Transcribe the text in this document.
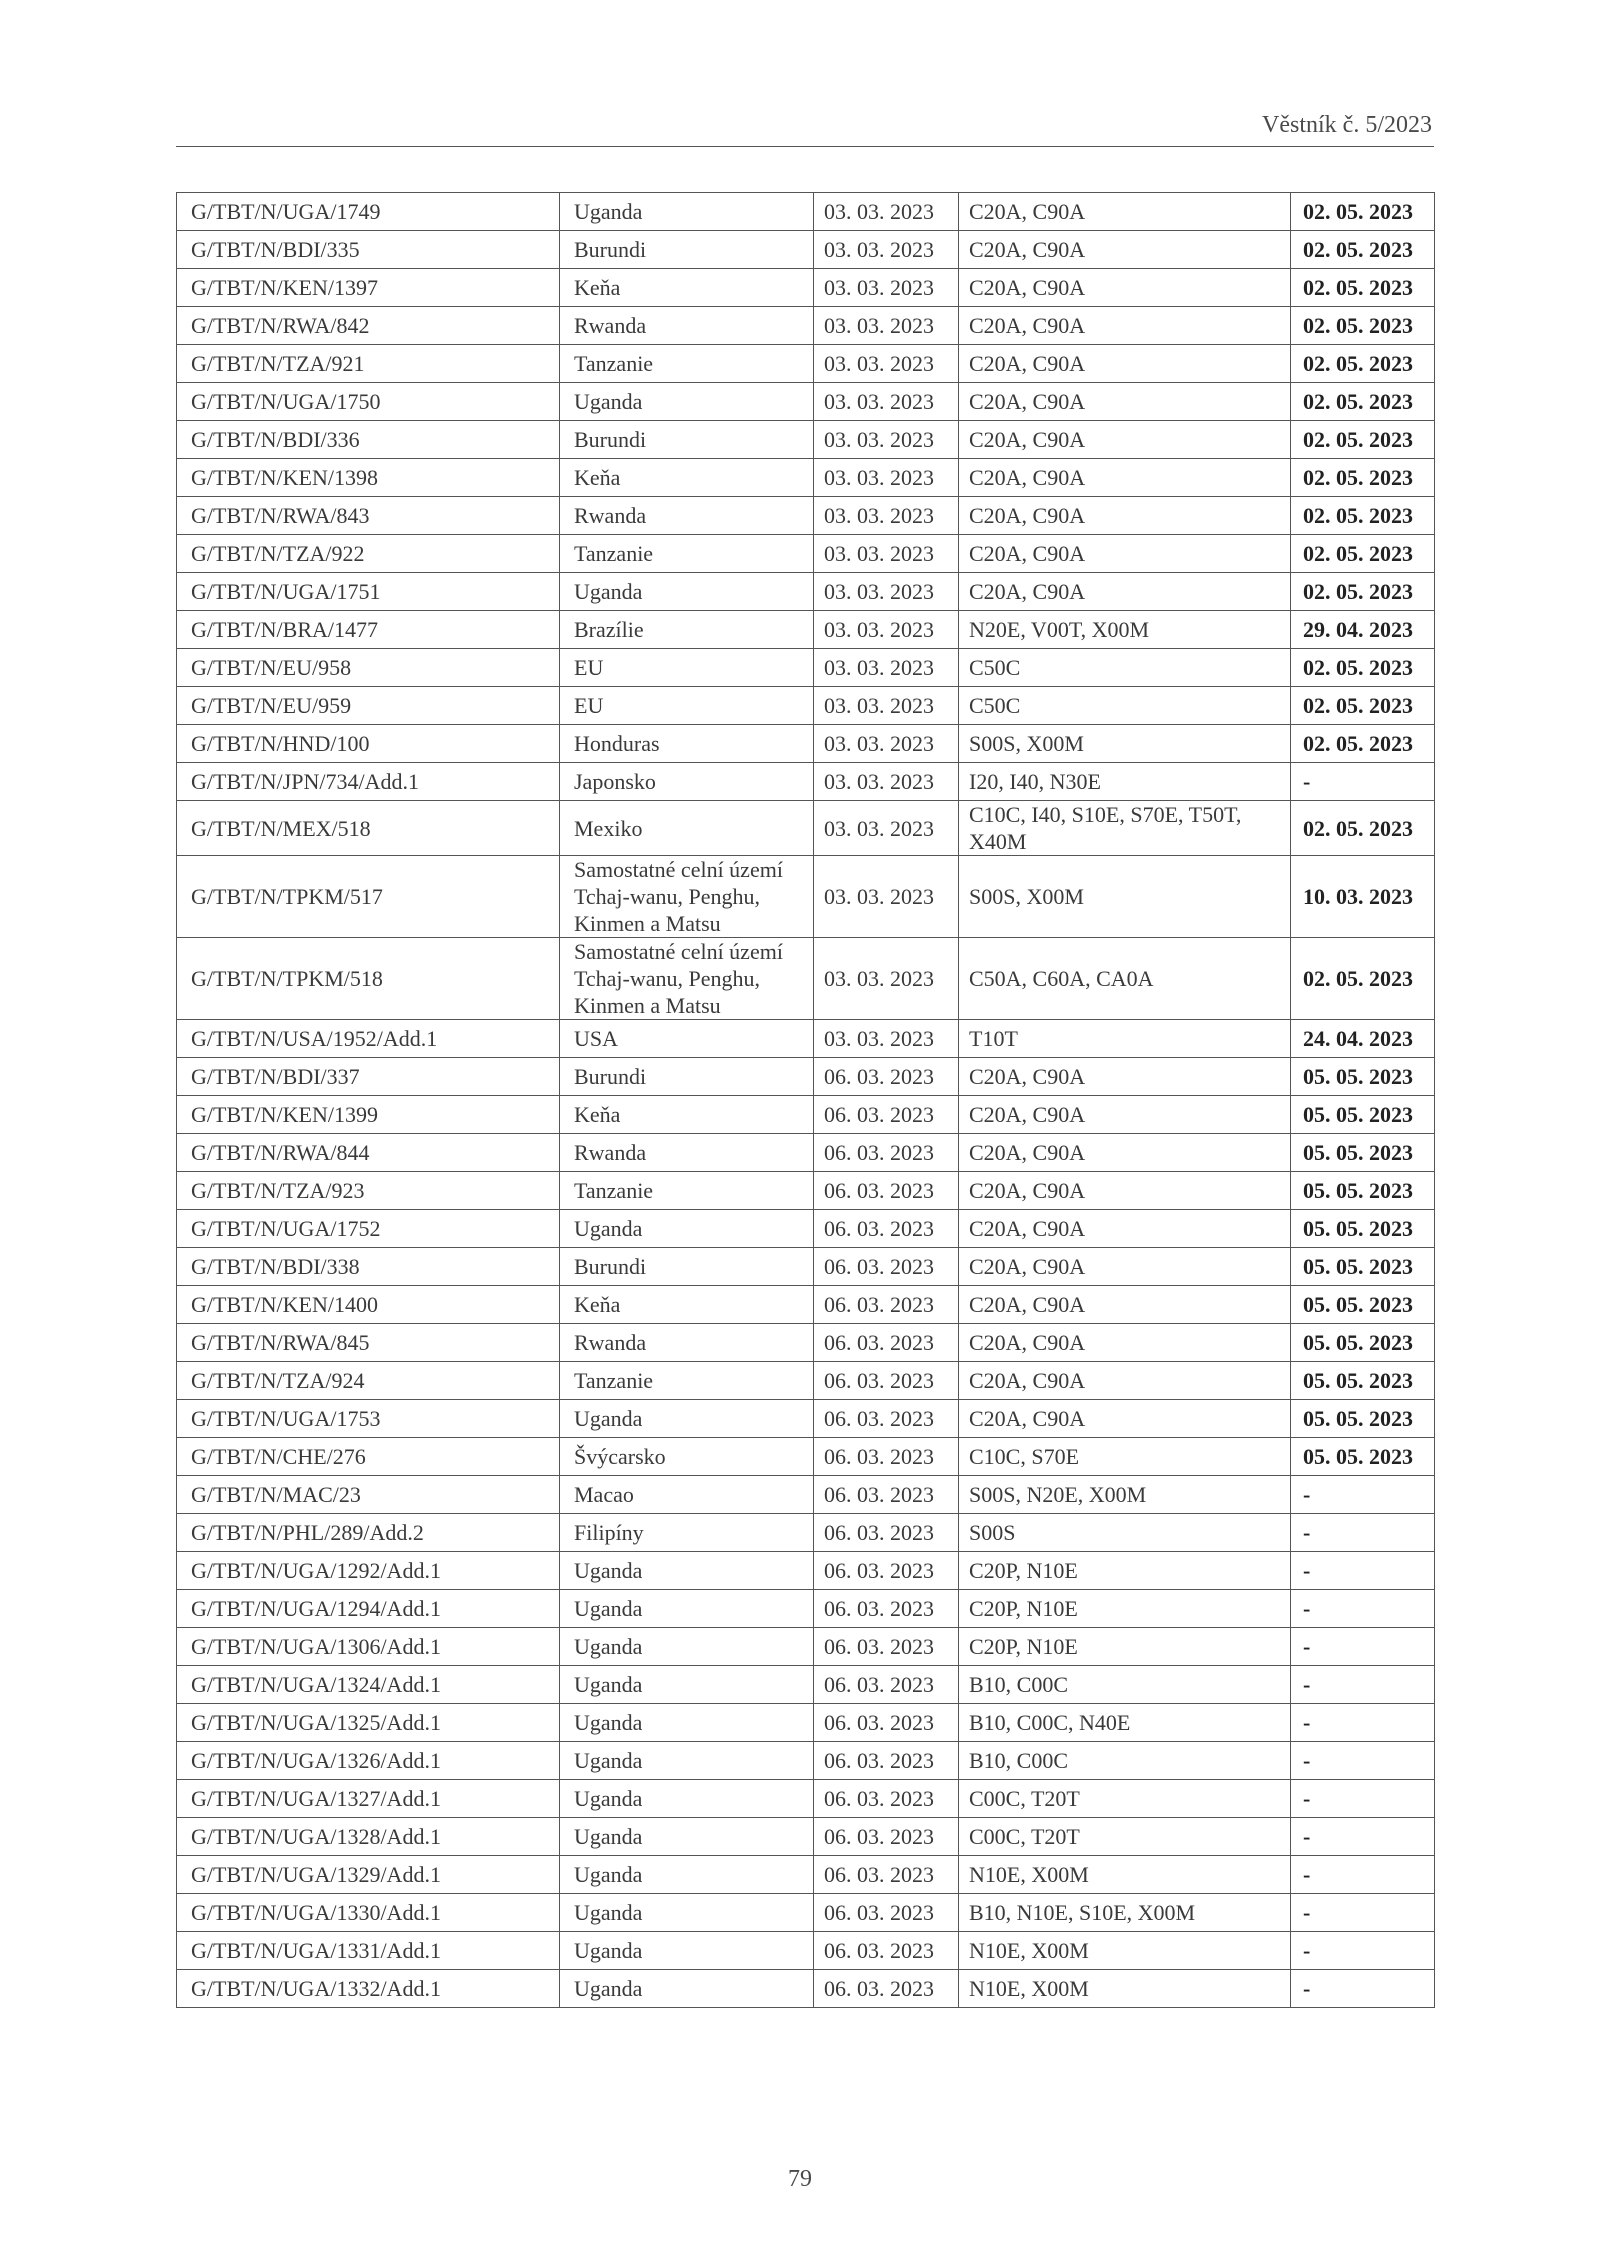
Věstník č. 5/2023
G/TBT/N/UGA/1749	Uganda	03. 03. 2023	C20A, C90A	02. 05. 2023
G/TBT/N/BDI/335	Burundi	03. 03. 2023	C20A, C90A	02. 05. 2023
G/TBT/N/KEN/1397	Keňa	03. 03. 2023	C20A, C90A	02. 05. 2023
G/TBT/N/RWA/842	Rwanda	03. 03. 2023	C20A, C90A	02. 05. 2023
G/TBT/N/TZA/921	Tanzanie	03. 03. 2023	C20A, C90A	02. 05. 2023
G/TBT/N/UGA/1750	Uganda	03. 03. 2023	C20A, C90A	02. 05. 2023
G/TBT/N/BDI/336	Burundi	03. 03. 2023	C20A, C90A	02. 05. 2023
G/TBT/N/KEN/1398	Keňa	03. 03. 2023	C20A, C90A	02. 05. 2023
G/TBT/N/RWA/843	Rwanda	03. 03. 2023	C20A, C90A	02. 05. 2023
G/TBT/N/TZA/922	Tanzanie	03. 03. 2023	C20A, C90A	02. 05. 2023
G/TBT/N/UGA/1751	Uganda	03. 03. 2023	C20A, C90A	02. 05. 2023
G/TBT/N/BRA/1477	Brazílie	03. 03. 2023	N20E, V00T, X00M	29. 04. 2023
G/TBT/N/EU/958	EU	03. 03. 2023	C50C	02. 05. 2023
G/TBT/N/EU/959	EU	03. 03. 2023	C50C	02. 05. 2023
G/TBT/N/HND/100	Honduras	03. 03. 2023	S00S, X00M	02. 05. 2023
G/TBT/N/JPN/734/Add.1	Japonsko	03. 03. 2023	I20, I40, N30E	-
G/TBT/N/MEX/518	Mexiko	03. 03. 2023	C10C, I40, S10E, S70E, T50T, X40M	02. 05. 2023
G/TBT/N/TPKM/517	Samostatné celní území Tchaj-wanu, Penghu, Kinmen a Matsu	03. 03. 2023	S00S, X00M	10. 03. 2023
G/TBT/N/TPKM/518	Samostatné celní území Tchaj-wanu, Penghu, Kinmen a Matsu	03. 03. 2023	C50A, C60A, CA0A	02. 05. 2023
G/TBT/N/USA/1952/Add.1	USA	03. 03. 2023	T10T	24. 04. 2023
G/TBT/N/BDI/337	Burundi	06. 03. 2023	C20A, C90A	05. 05. 2023
G/TBT/N/KEN/1399	Keňa	06. 03. 2023	C20A, C90A	05. 05. 2023
G/TBT/N/RWA/844	Rwanda	06. 03. 2023	C20A, C90A	05. 05. 2023
G/TBT/N/TZA/923	Tanzanie	06. 03. 2023	C20A, C90A	05. 05. 2023
G/TBT/N/UGA/1752	Uganda	06. 03. 2023	C20A, C90A	05. 05. 2023
G/TBT/N/BDI/338	Burundi	06. 03. 2023	C20A, C90A	05. 05. 2023
G/TBT/N/KEN/1400	Keňa	06. 03. 2023	C20A, C90A	05. 05. 2023
G/TBT/N/RWA/845	Rwanda	06. 03. 2023	C20A, C90A	05. 05. 2023
G/TBT/N/TZA/924	Tanzanie	06. 03. 2023	C20A, C90A	05. 05. 2023
G/TBT/N/UGA/1753	Uganda	06. 03. 2023	C20A, C90A	05. 05. 2023
G/TBT/N/CHE/276	Švýcarsko	06. 03. 2023	C10C, S70E	05. 05. 2023
G/TBT/N/MAC/23	Macao	06. 03. 2023	S00S, N20E, X00M	-
G/TBT/N/PHL/289/Add.2	Filipíny	06. 03. 2023	S00S	-
G/TBT/N/UGA/1292/Add.1	Uganda	06. 03. 2023	C20P, N10E	-
G/TBT/N/UGA/1294/Add.1	Uganda	06. 03. 2023	C20P, N10E	-
G/TBT/N/UGA/1306/Add.1	Uganda	06. 03. 2023	C20P, N10E	-
G/TBT/N/UGA/1324/Add.1	Uganda	06. 03. 2023	B10, C00C	-
G/TBT/N/UGA/1325/Add.1	Uganda	06. 03. 2023	B10, C00C, N40E	-
G/TBT/N/UGA/1326/Add.1	Uganda	06. 03. 2023	B10, C00C	-
G/TBT/N/UGA/1327/Add.1	Uganda	06. 03. 2023	C00C, T20T	-
G/TBT/N/UGA/1328/Add.1	Uganda	06. 03. 2023	C00C, T20T	-
G/TBT/N/UGA/1329/Add.1	Uganda	06. 03. 2023	N10E, X00M	-
G/TBT/N/UGA/1330/Add.1	Uganda	06. 03. 2023	B10, N10E, S10E, X00M	-
G/TBT/N/UGA/1331/Add.1	Uganda	06. 03. 2023	N10E, X00M	-
G/TBT/N/UGA/1332/Add.1	Uganda	06. 03. 2023	N10E, X00M	-
79
